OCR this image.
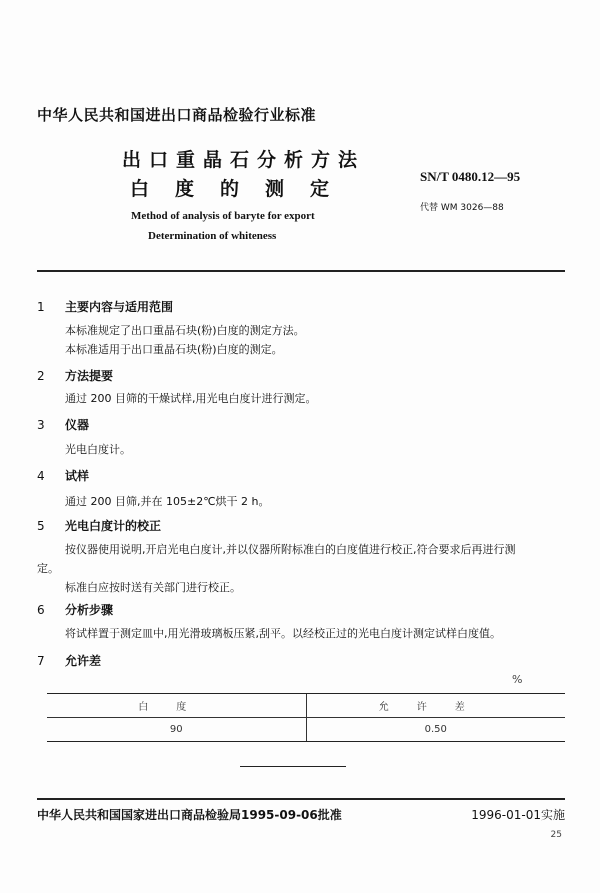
中华人民共和国进出口商品检验行业标准
出口重晶石分析方法
白度的测定
SN/T 0480.12—95
代替 WM 3026—88
Method of analysis of baryte for export
Determination of whiteness
1 主要内容与适用范围
本标准规定了出口重晶石块(粉)白度的测定方法。
本标准适用于出口重晶石块(粉)白度的测定。
2 方法提要
通过 200 目筛的干燥试样,用光电白度计进行测定。
3 仪器
光电白度计。
4 试样
通过 200 目筛,并在 105±2℃烘干 2 h。
5 光电白度计的校正
按仪器使用说明,开启光电白度计,并以仪器所附标准白的白度值进行校正,符合要求后再进行测
定。
标准白应按时送有关部门进行校正。
6 分析步骤
将试样置于测定皿中,用光滑玻璃板压紧,刮平。以经校正过的光电白度计测定试样白度值。
7 允许差
%
白度	允许差
90	0.50
中华人民共和国国家进出口商品检验局1995-09-06批准	1996-01-01实施
25
